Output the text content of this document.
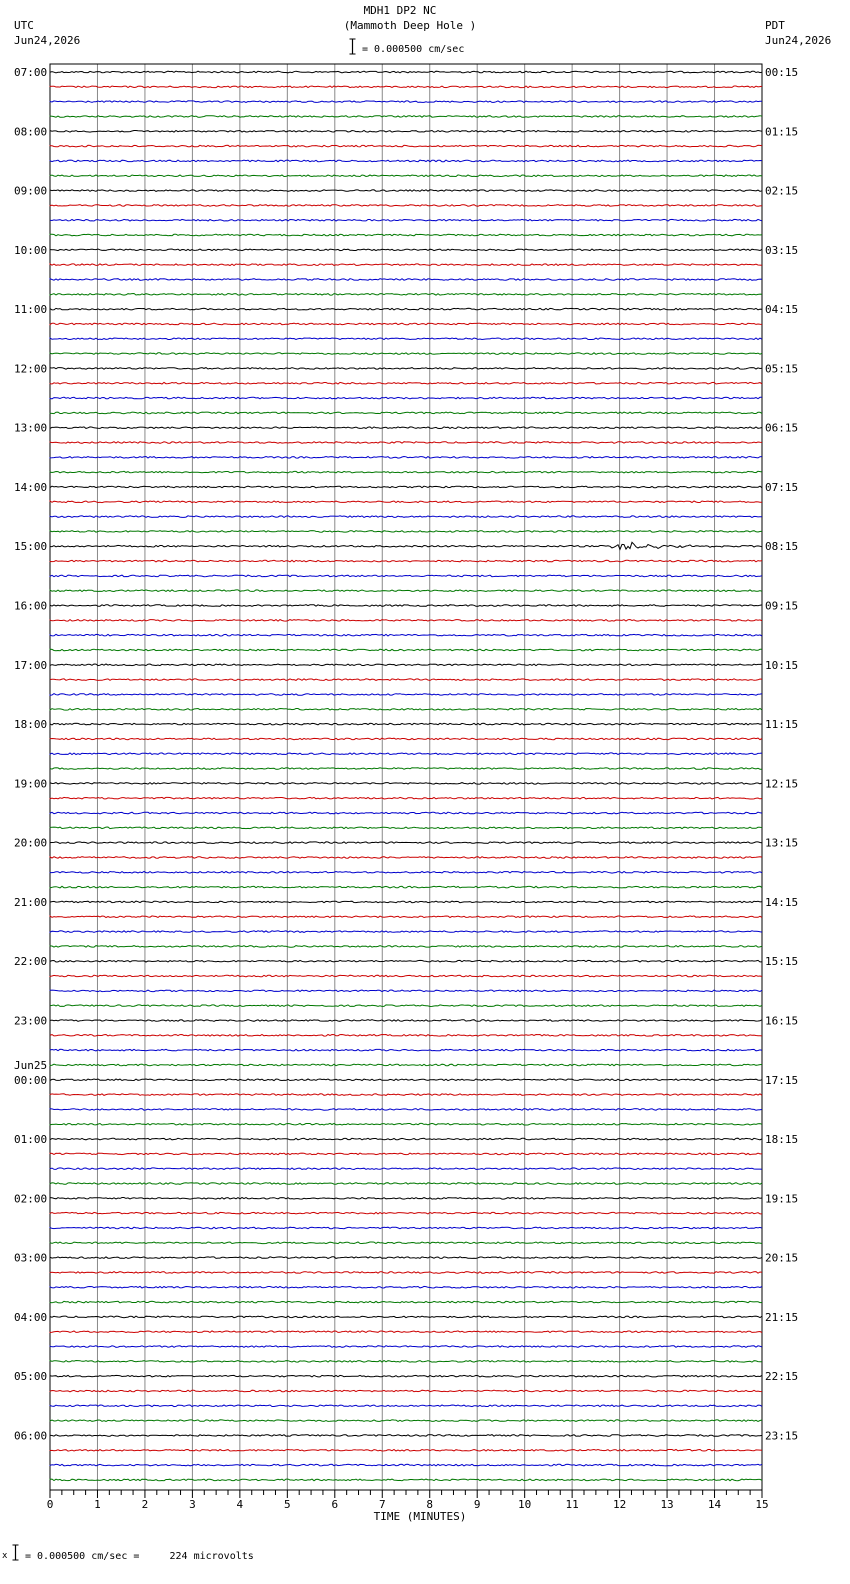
MDH1 DP2 NC
(Mammoth Deep Hole )
= 0.000500 cm/sec
UTC
Jun24,2026
PDT
Jun24,2026
07:00
08:00
09:00
10:00
11:00
12:00
13:00
14:00
15:00
16:00
17:00
18:00
19:00
20:00
21:00
22:00
23:00
Jun25
00:00
01:00
02:00
03:00
04:00
05:00
06:00
00:15
01:15
02:15
03:15
04:15
05:15
06:15
07:15
08:15
09:15
10:15
11:15
12:15
13:15
14:15
15:15
16:15
17:15
18:15
19:15
20:15
21:15
22:15
23:15
0	1	2	3	4	5	6	7	8	9	10	11	12	13	14	15
TIME (MINUTES)
x = 0.000500 cm/sec =     224 microvolts
